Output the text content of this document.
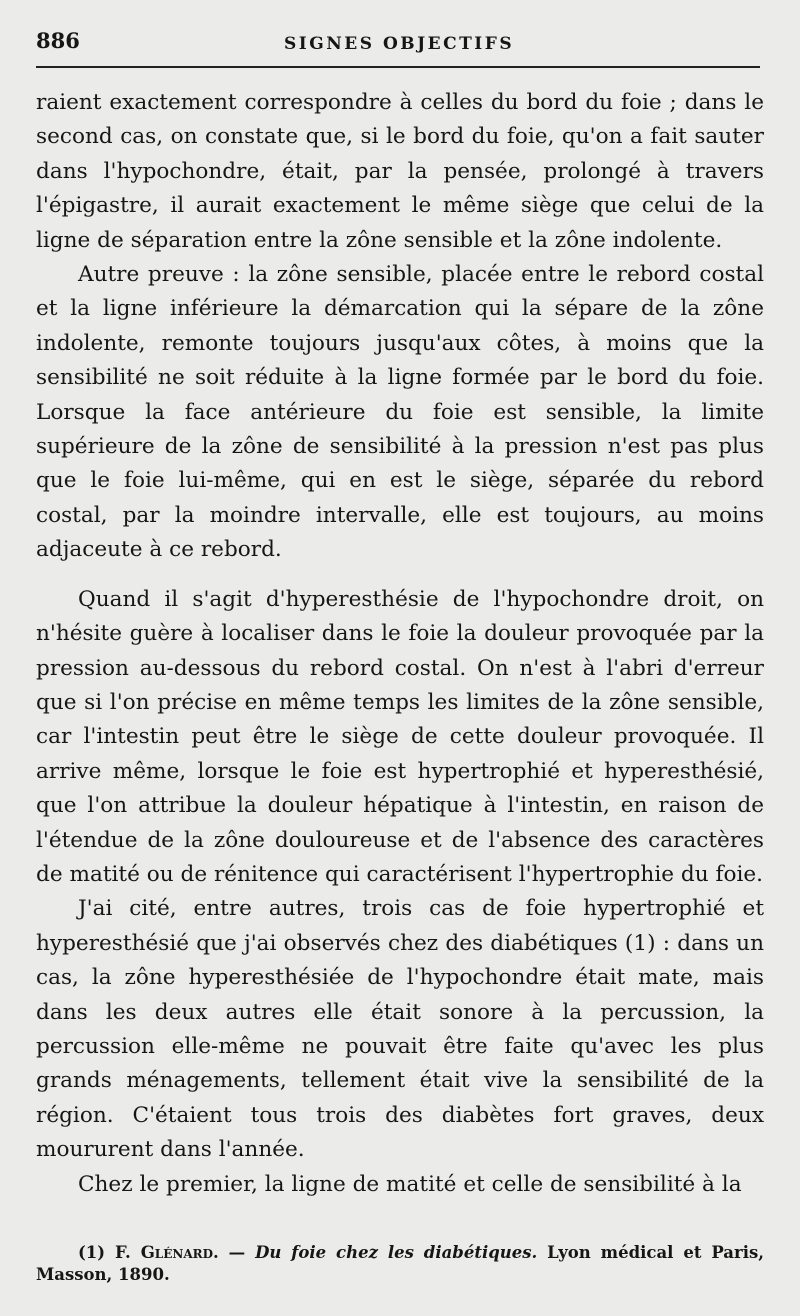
886	SIGNES OBJECTIFS

raient exactement correspondre à celles du bord du foie ; dans le second cas, on constate que, si le bord du foie, qu'on a fait sauter dans l'hypochondre, était, par la pensée, prolongé à travers l'épigastre, il aurait exactement le même siège que celui de la ligne de séparation entre la zône sensible et la zône indolente.

Autre preuve : la zône sensible, placée entre le rebord costal et la ligne inférieure la démarcation qui la sépare de la zône indolente, remonte toujours jusqu'aux côtes, à moins que la sensibilité ne soit réduite à la ligne formée par le bord du foie. Lorsque la face antérieure du foie est sensible, la limite supérieure de la zône de sensibilité à la pression n'est pas plus que le foie lui-même, qui en est le siège, séparée du rebord costal, par la moindre intervalle, elle est toujours, au moins adjaceute à ce rebord.

Quand il s'agit d'hyperesthésie de l'hypochondre droit, on n'hésite guère à localiser dans le foie la douleur provoquée par la pression au-dessous du rebord costal. On n'est à l'abri d'erreur que si l'on précise en même temps les limites de la zône sensible, car l'intestin peut être le siège de cette douleur provoquée. Il arrive même, lorsque le foie est hypertrophié et hyperesthésié, que l'on attribue la douleur hépatique à l'intestin, en raison de l'étendue de la zône douloureuse et de l'absence des caractères de matité ou de rénitence qui caractérisent l'hypertrophie du foie.

J'ai cité, entre autres, trois cas de foie hypertrophié et hyperesthésié que j'ai observés chez des diabétiques (1) : dans un cas, la zône hyperesthésiée de l'hypochondre était mate, mais dans les deux autres elle était sonore à la percussion, la percussion elle-même ne pouvait être faite qu'avec les plus grands ménagements, tellement était vive la sensibilité de la région. C'étaient tous trois des diabètes fort graves, deux moururent dans l'année.

Chez le premier, la ligne de matité et celle de sensibilité à la

(1) F. Glénard. — Du foie chez les diabétiques. Lyon médical et Paris, Masson, 1890.
